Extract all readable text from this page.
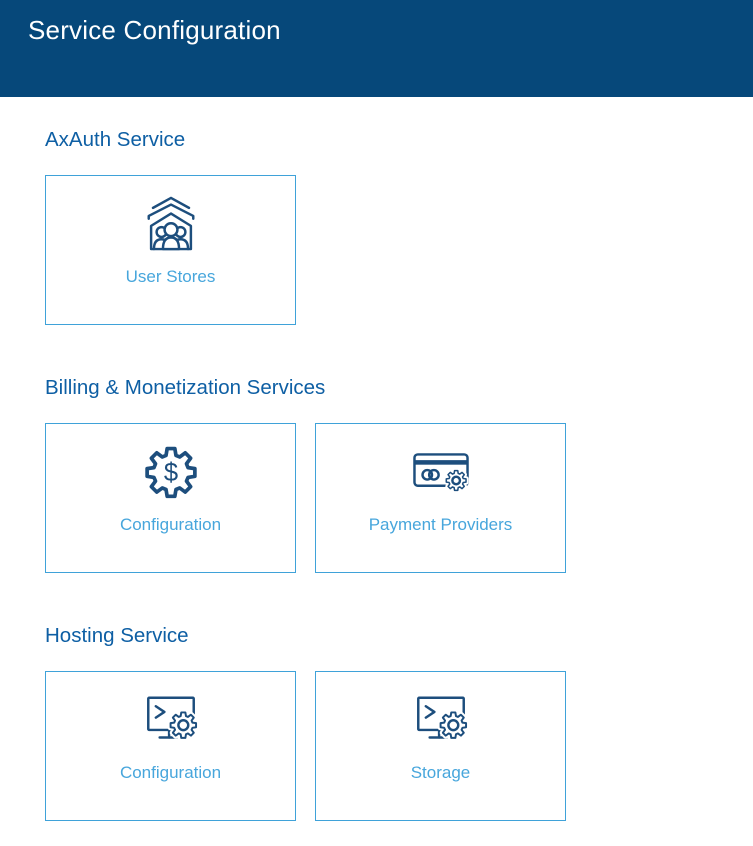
Service Configuration
AxAuth Service
User Stores
Billing & Monetization Services
$
Configuration	Payment Providers
Hosting Service
Configuration	Storage
